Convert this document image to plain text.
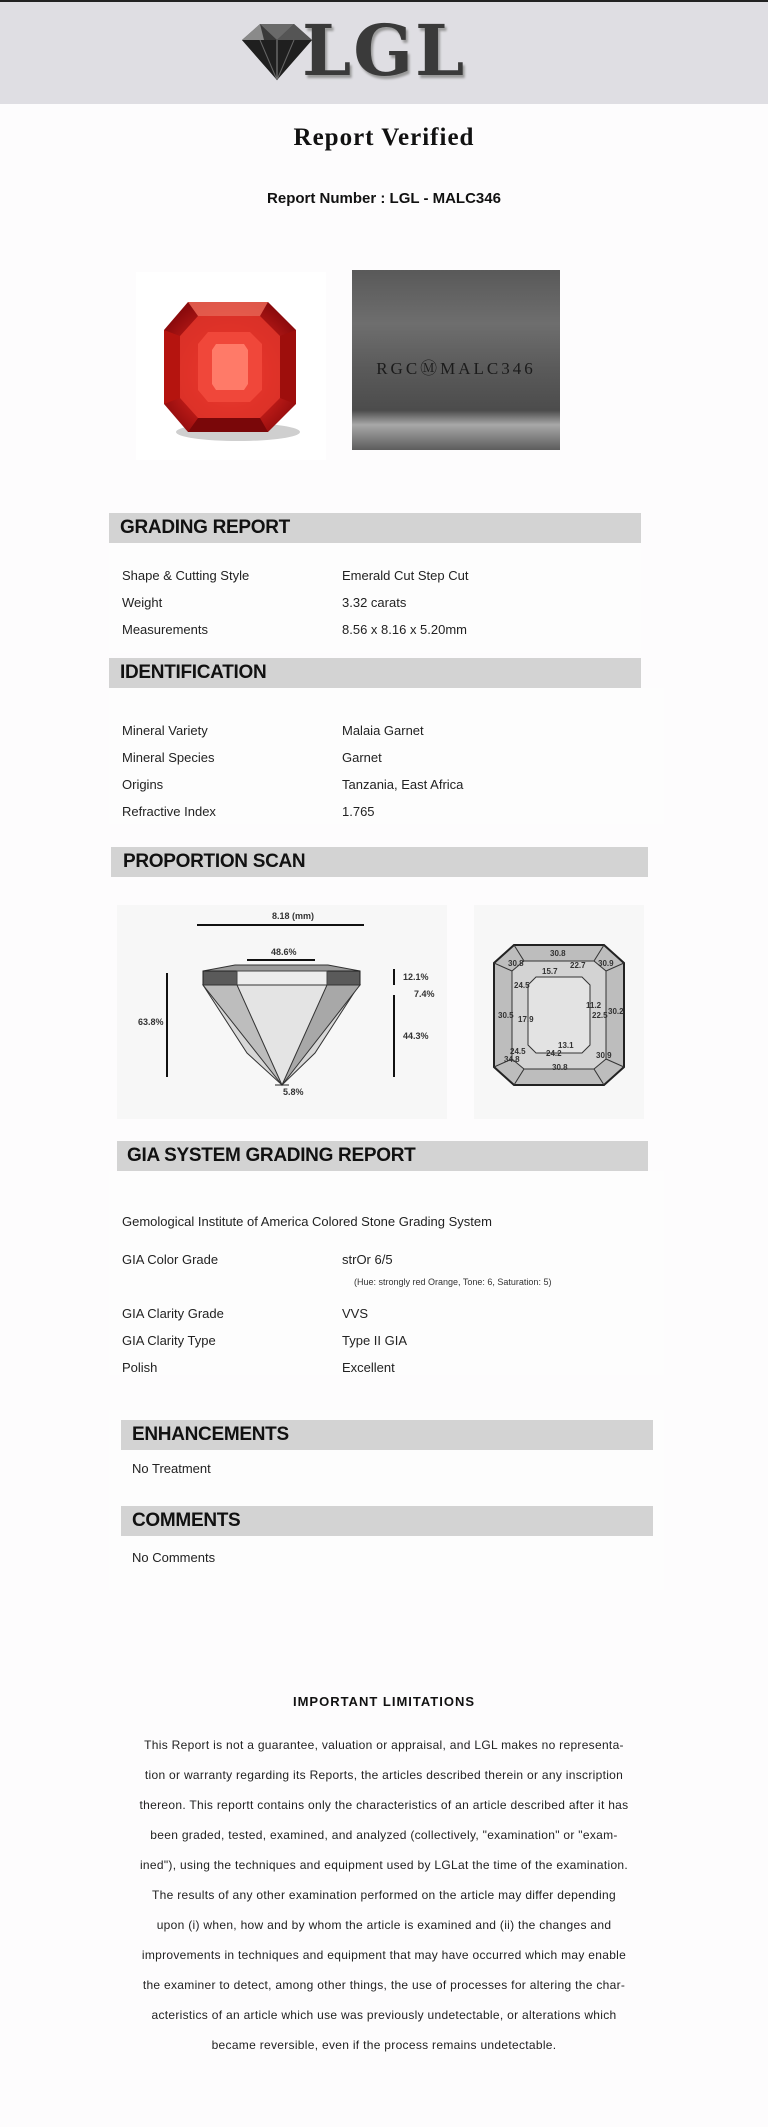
LGL
Report Verified
Report Number : LGL - MALC346
RGCⓂMALC346
GRADING REPORT
Shape & Cutting Style	Emerald Cut Step Cut
Weight	3.32 carats
Measurements	8.56 x 8.16 x 5.20mm
IDENTIFICATION
Mineral Variety	Malaia Garnet
Mineral Species	Garnet
Origins	Tanzania, East Africa
Refractive Index	1.765
PROPORTION SCAN
8.18 (mm)
48.6%
63.8%
12.1%
7.4%
44.3%
5.8%
30.8
30.8
30.9
15.7
22.7
24.5
30.5 17.9
11.2
22.5 30.2
24.5
34.8
13.1
24.2
30.8
30.9
GIA SYSTEM GRADING REPORT
Gemological Institute of America Colored Stone Grading System
GIA Color Grade	strOr 6/5
(Hue: strongly red Orange, Tone: 6, Saturation: 5)
GIA Clarity Grade	VVS
GIA Clarity Type	Type II GIA
Polish	Excellent
ENHANCEMENTS
No Treatment
COMMENTS
No Comments
IMPORTANT LIMITATIONS
This Report is not a guarantee, valuation or appraisal, and LGL makes no representa-
tion or warranty regarding its Reports, the articles described therein or any inscription
thereon. This reportt contains only the characteristics of an article described after it has
been graded, tested, examined, and analyzed (collectively, "examination" or "exam-
ined"), using the techniques and equipment used by LGLat the time of the examination.
The results of any other examination performed on the article may differ depending
upon (i) when, how and by whom the article is examined and (ii) the changes and
improvements in techniques and equipment that may have occurred which may enable
the examiner to detect, among other things, the use of processes for altering the char-
acteristics of an article which use was previously undetectable, or alterations which
became reversible, even if the process remains undetectable.
